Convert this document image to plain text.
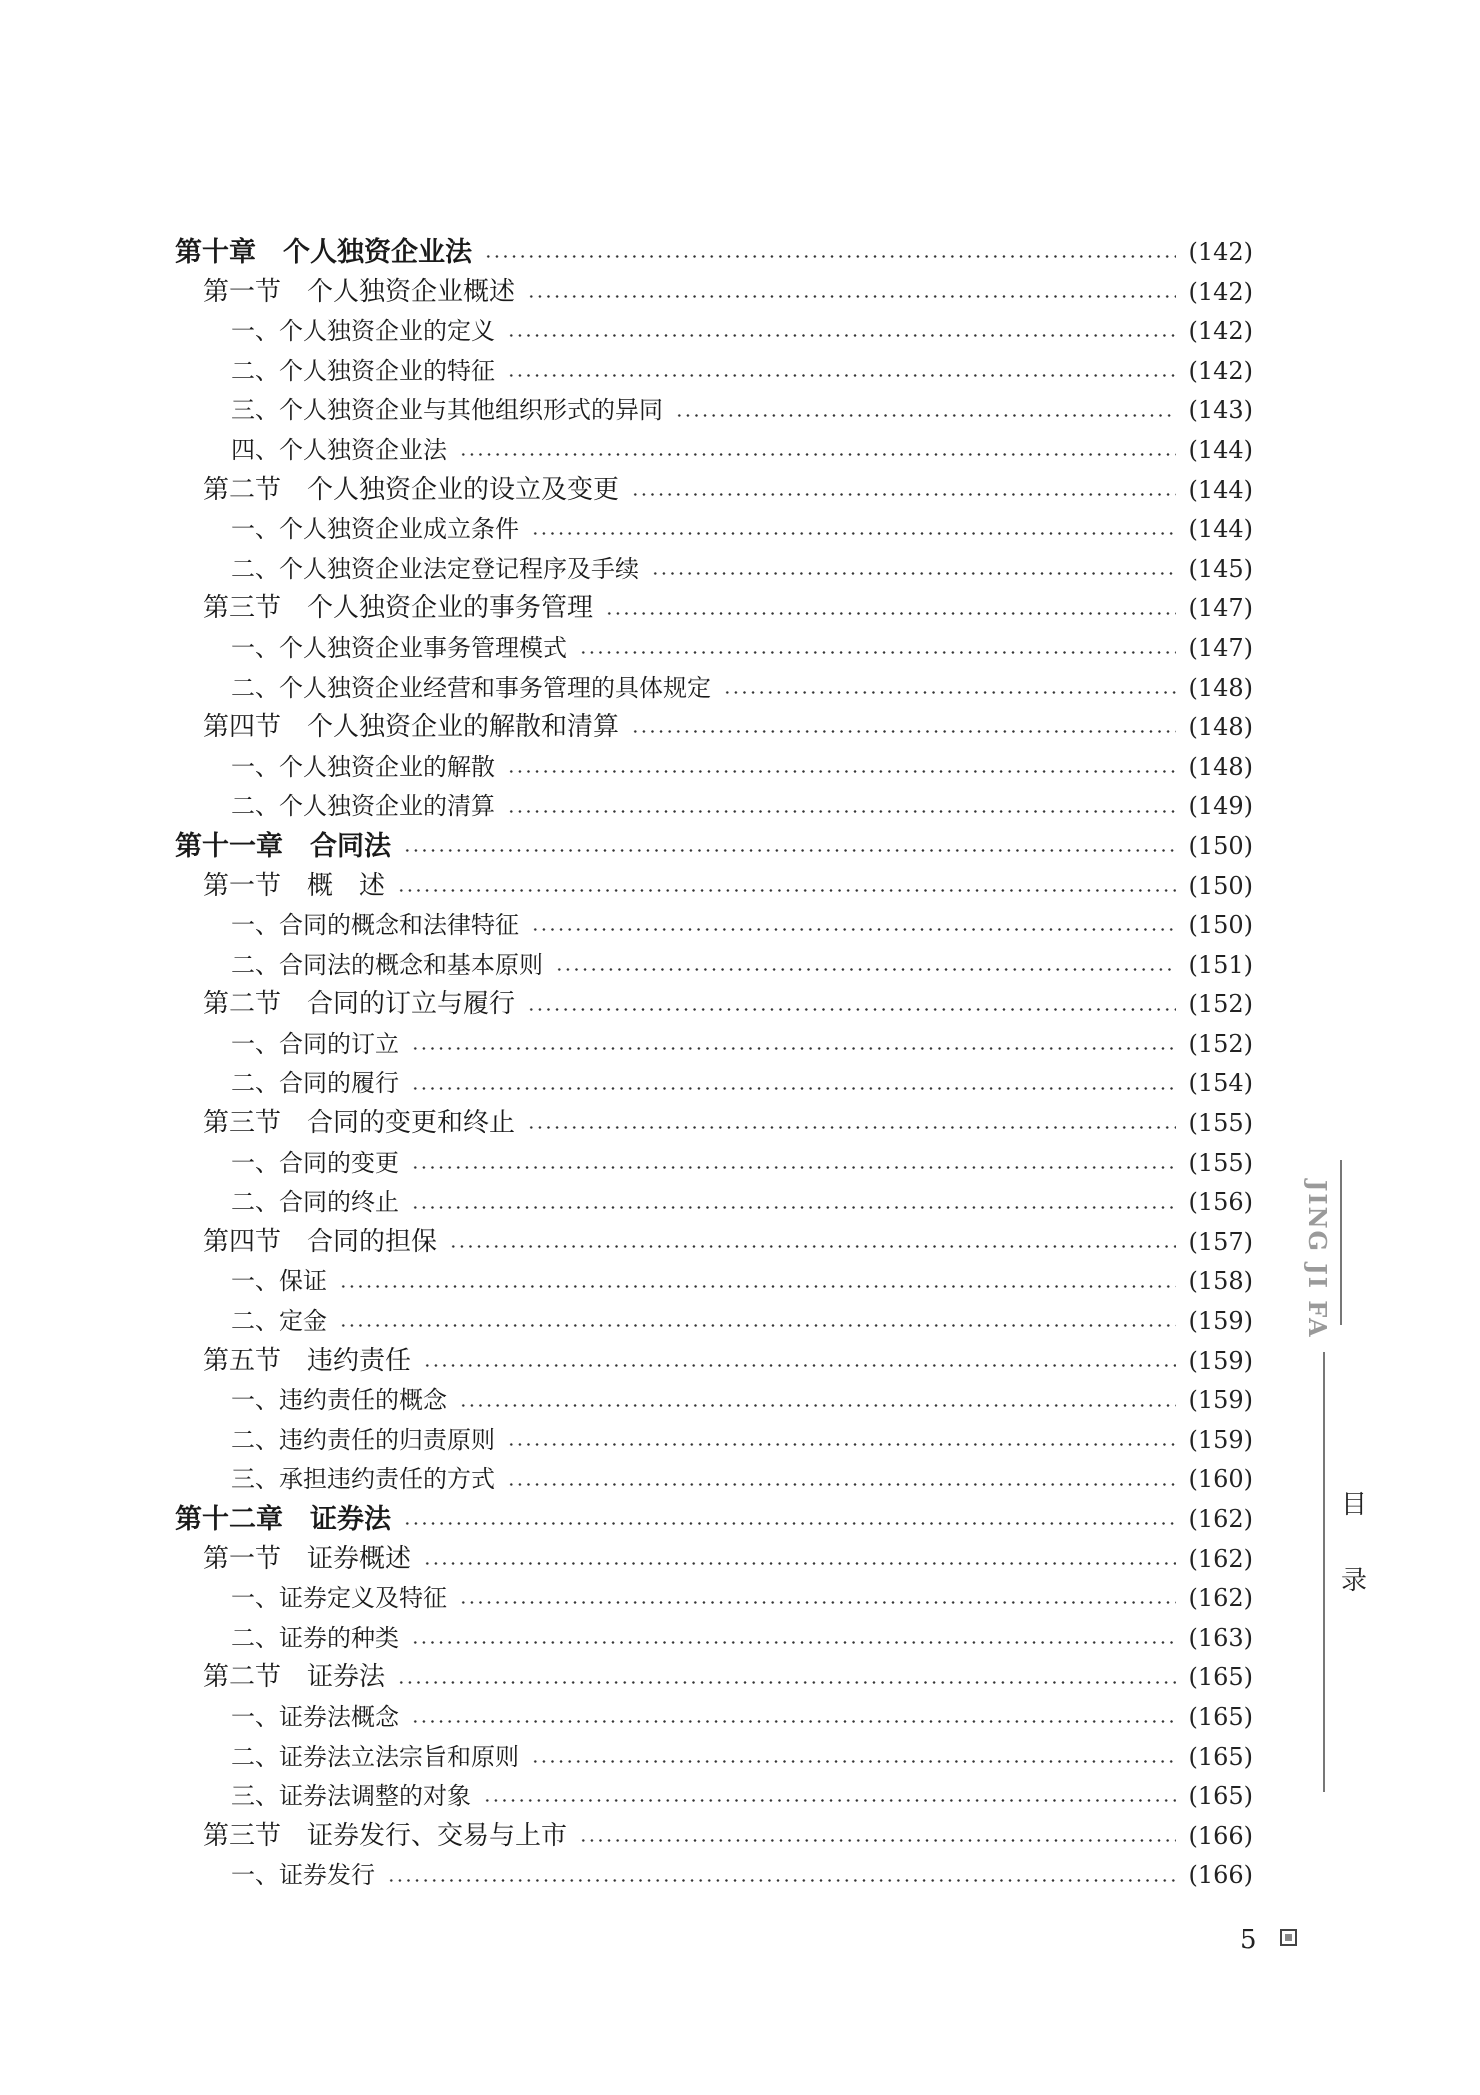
第十章　个人独资企业法	(142)
第一节　个人独资企业概述	(142)
一、个人独资企业的定义	(142)
二、个人独资企业的特征	(142)
三、个人独资企业与其他组织形式的异同	(143)
四、个人独资企业法	(144)
第二节　个人独资企业的设立及变更	(144)
一、个人独资企业成立条件	(144)
二、个人独资企业法定登记程序及手续	(145)
第三节　个人独资企业的事务管理	(147)
一、个人独资企业事务管理模式	(147)
二、个人独资企业经营和事务管理的具体规定	(148)
第四节　个人独资企业的解散和清算	(148)
一、个人独资企业的解散	(148)
二、个人独资企业的清算	(149)
第十一章　合同法	(150)
第一节　概　述	(150)
一、合同的概念和法律特征	(150)
二、合同法的概念和基本原则	(151)
第二节　合同的订立与履行	(152)
一、合同的订立	(152)
二、合同的履行	(154)
第三节　合同的变更和终止	(155)
一、合同的变更	(155)
二、合同的终止	(156)
第四节　合同的担保	(157)
一、保证	(158)
二、定金	(159)
第五节　违约责任	(159)
一、违约责任的概念	(159)
二、违约责任的归责原则	(159)
三、承担违约责任的方式	(160)
第十二章　证券法	(162)
第一节　证券概述	(162)
一、证券定义及特征	(162)
二、证券的种类	(163)
第二节　证券法	(165)
一、证券法概念	(165)
二、证券法立法宗旨和原则	(165)
三、证券法调整的对象	(165)
第三节　证券发行、交易与上市	(166)
一、证券发行	(166)
JING JI FA
目
录
5
